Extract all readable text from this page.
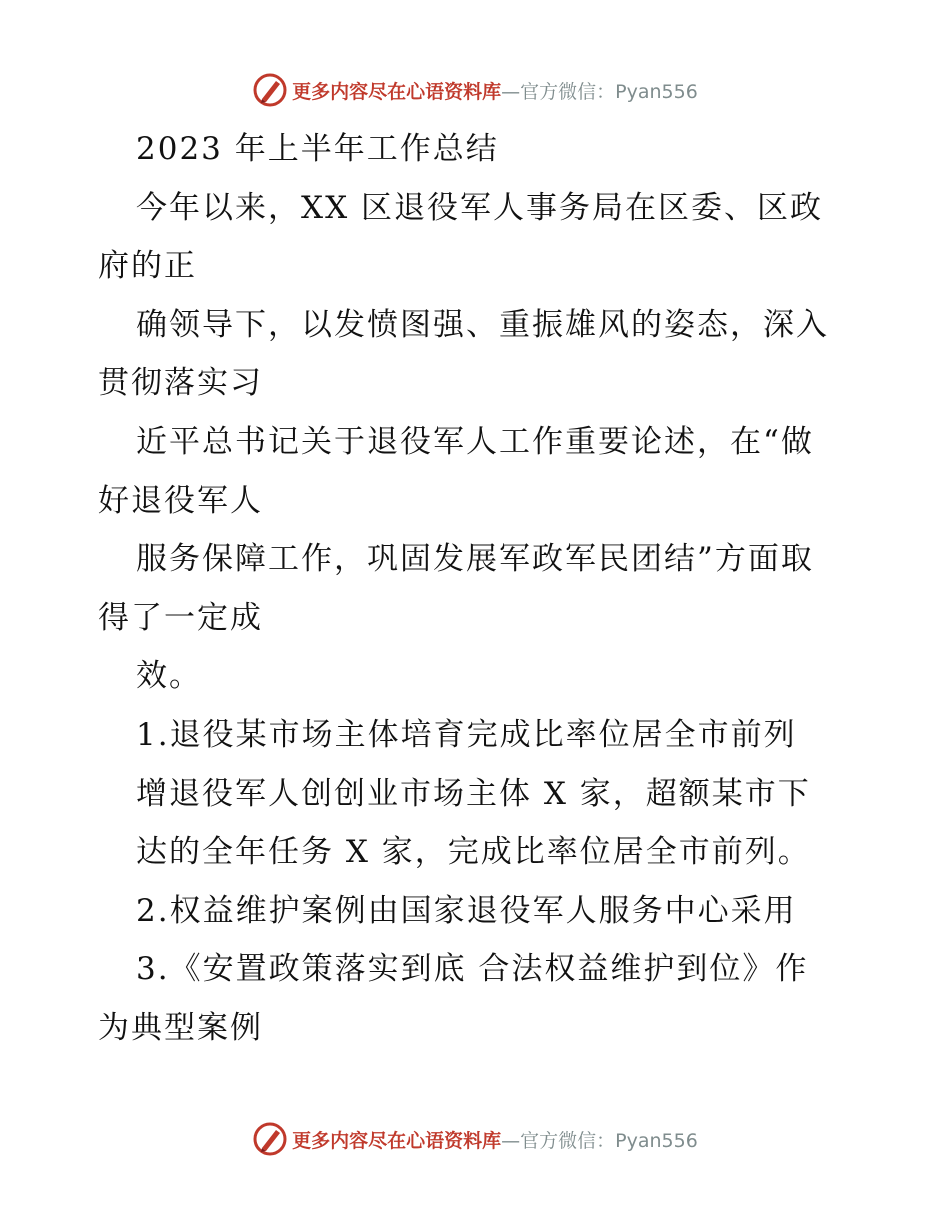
更多内容尽在心语资料库 —官方微信：Pyan556
2023 年上半年工作总结
今年以来，XX 区退役军人事务局在区委、区政
府的正
确领导下，以发愤图强、重振雄风的姿态，深入
贯彻落实习
近平总书记关于退役军人工作重要论述，在“做
好退役军人
服务保障工作，巩固发展军政军民团结”方面取
得了一定成
效。
1.退役某市场主体培育完成比率位居全市前列
增退役军人创创业市场主体 X 家，超额某市下
达的全年任务 X 家，完成比率位居全市前列。
2.权益维护案例由国家退役军人服务中心采用
3.《安置政策落实到底 合法权益维护到位》作
为典型案例
更多内容尽在心语资料库 —官方微信：Pyan556
